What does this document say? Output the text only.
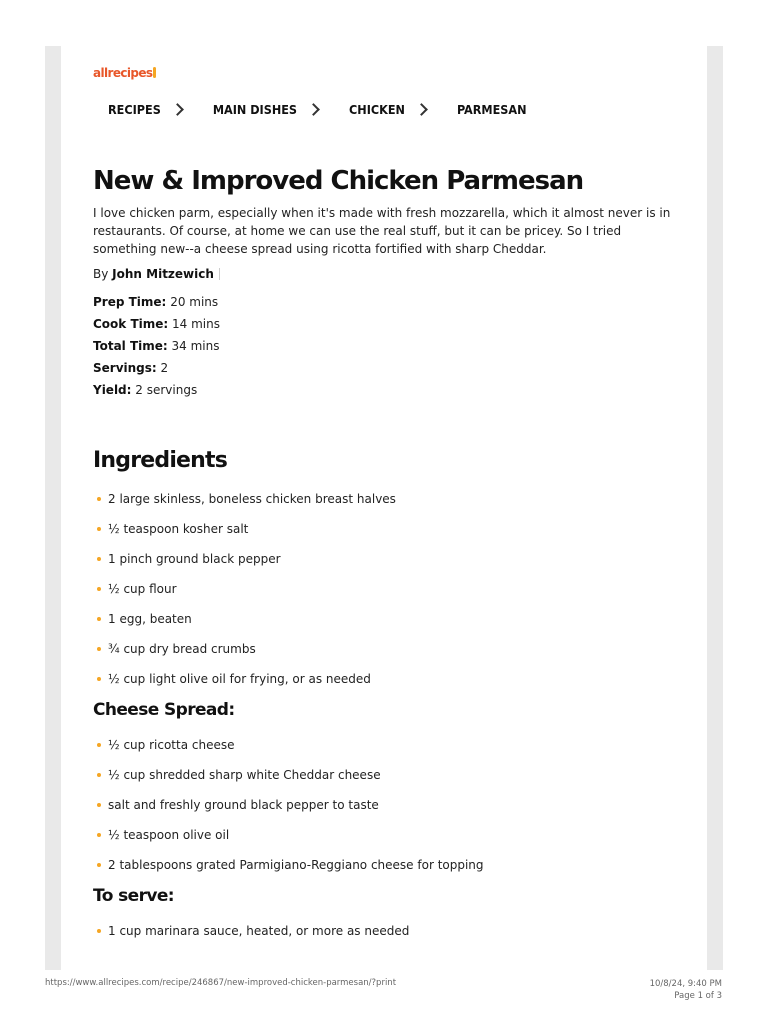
allrecipes
RECIPES	MAIN DISHES	CHICKEN	PARMESAN
New & Improved Chicken Parmesan

I love chicken parm, especially when it's made with fresh mozzarella, which it almost never is in restaurants. Of course, at home we can use the real stuff, but it can be pricey. So I tried something new--a cheese spread using ricotta fortified with sharp Cheddar.

By John Mitzewich
Prep Time: 20 mins
Cook Time: 14 mins
Total Time: 34 mins
Servings: 2
Yield: 2 servings
Ingredients
2 large skinless, boneless chicken breast halves
½ teaspoon kosher salt
1 pinch ground black pepper
½ cup flour
1 egg, beaten
¾ cup dry bread crumbs
½ cup light olive oil for frying, or as needed
Cheese Spread:
½ cup ricotta cheese
½ cup shredded sharp white Cheddar cheese
salt and freshly ground black pepper to taste
½ teaspoon olive oil
2 tablespoons grated Parmigiano-Reggiano cheese for topping
To serve:
1 cup marinara sauce, heated, or more as needed
https://www.allrecipes.com/recipe/246867/new-improved-chicken-parmesan/?print	10/8/24, 9:40 PM
Page 1 of 3
